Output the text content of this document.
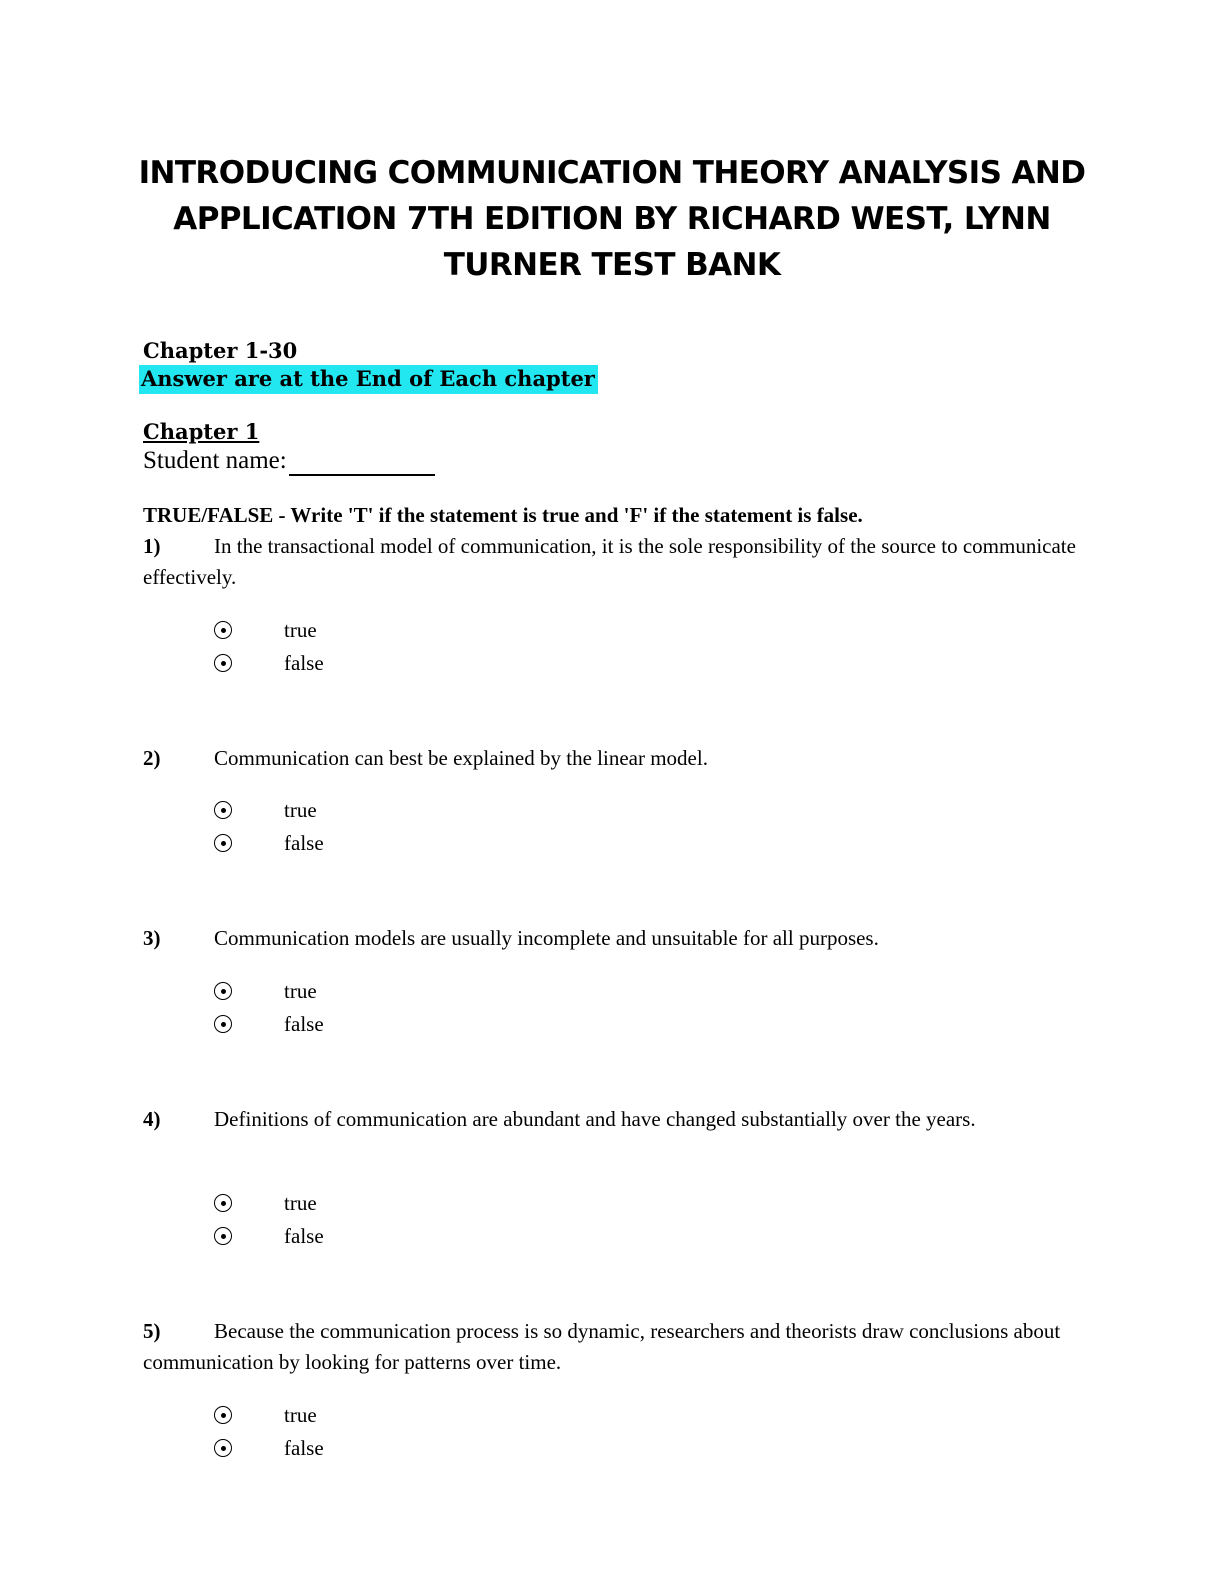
INTRODUCING COMMUNICATION THEORY ANALYSIS AND APPLICATION 7TH EDITION BY RICHARD WEST, LYNN TURNER TEST BANK
Chapter 1-30
Answer are at the End of Each chapter
Chapter 1
Student name:
TRUE/FALSE - Write 'T' if the statement is true and 'F' if the statement is false.
1)	In the transactional model of communication, it is the sole responsibility of the source to communicate effectively.
true
false
2)	Communication can best be explained by the linear model.
true
false
3)	Communication models are usually incomplete and unsuitable for all purposes.
true
false
4)	Definitions of communication are abundant and have changed substantially over the years.
true
false
5)	Because the communication process is so dynamic, researchers and theorists draw conclusions about communication by looking for patterns over time.
true
false
